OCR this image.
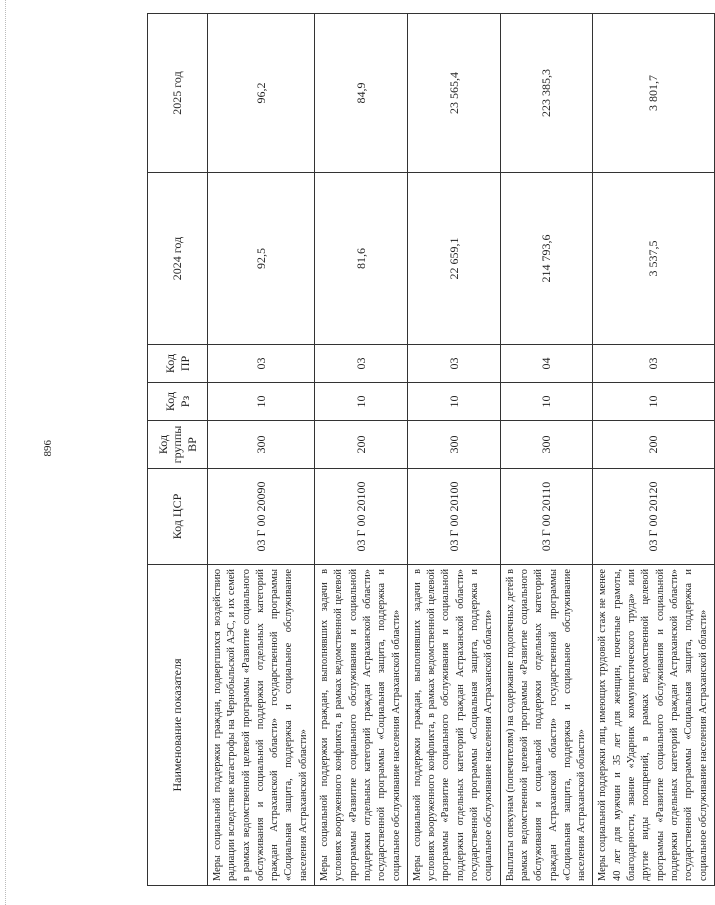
896
Наименование показателя	Код ЦСР	Код группы ВР	Код Рз	Код ПР	2024 год	2025 год
Меры социальной поддержки граждан, подвергшихся воздействию радиации вследствие катастрофы на Чернобыльской АЭС, и их семей в рамках ведомственной целевой программы «Развитие социального обслуживания и социальной поддержки отдельных категорий граждан Астраханской области» государственной программы «Социальная защита, поддержка и социальное обслуживание населения Астраханской области»	03 Г 00 20090	300	10	03	92,5	96,2
Меры социальной поддержки граждан, выполнявших задачи в условиях вооруженного конфликта, в рамках ведомственной целевой программы «Развитие социального обслуживания и социальной поддержки отдельных категорий граждан Астраханской области» государственной программы «Социальная защита, поддержка и социальное обслуживание населения Астраханской области»	03 Г 00 20100	200	10	03	81,6	84,9
Меры социальной поддержки граждан, выполнявших задачи в условиях вооруженного конфликта, в рамках ведомственной целевой программы «Развитие социального обслуживания и социальной поддержки отдельных категорий граждан Астраханской области» государственной программы «Социальная защита, поддержка и социальное обслуживание населения Астраханской области»	03 Г 00 20100	300	10	03	22 659,1	23 565,4
Выплаты опекунам (попечителям) на содержание подопечных детей в рамках ведомственной целевой программы «Развитие социального обслуживания и социальной поддержки отдельных категорий граждан Астраханской области» государственной программы «Социальная защита, поддержка и социальное обслуживание населения Астраханской области»	03 Г 00 20110	300	10	04	214 793,6	223 385,3
Меры социальной поддержки лиц, имеющих трудовой стаж не менее 40 лет для мужчин и 35 лет для женщин, почетные грамоты, благодарности, звание «Ударник коммунистического труда» или другие виды поощрений, в рамках ведомственной целевой программы «Развитие социального обслуживания и социальной поддержки отдельных категорий граждан Астраханской области» государственной программы «Социальная защита, поддержка и социальное обслуживание населения Астраханской области»	03 Г 00 20120	200	10	03	3 537,5	3 801,7
